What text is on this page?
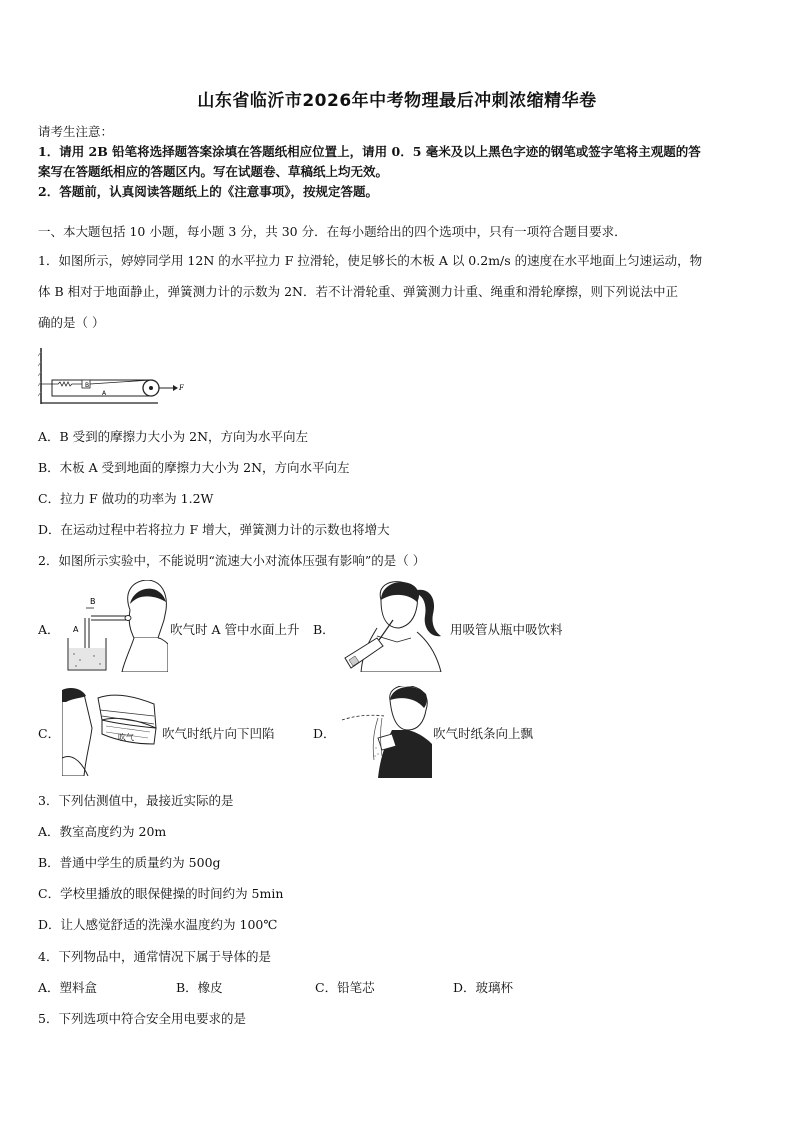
山东省临沂市2026年中考物理最后冲刺浓缩精华卷
请考生注意：
1．请用 2B 铅笔将选择题答案涂填在答题纸相应位置上，请用 0．5 毫米及以上黑色字迹的钢笔或签字笔将主观题的答
案写在答题纸相应的答题区内。写在试题卷、草稿纸上均无效。
2．答题前，认真阅读答题纸上的《注意事项》，按规定答题。
一、本大题包括 10 小题，每小题 3 分，共 30 分．在每小题给出的四个选项中，只有一项符合题目要求．
1．如图所示，婷婷同学用 12N 的水平拉力 F 拉滑轮，使足够长的木板 A 以 0.2m/s 的速度在水平地面上匀速运动，物
体 B 相对于地面静止，弹簧测力计的示数为 2N．若不计滑轮重、弹簧测力计重、绳重和滑轮摩擦，则下列说法中正
确的是（ ）
B
A
F
A．B 受到的摩擦力大小为 2N，方向为水平向左
B．木板 A 受到地面的摩擦力大小为 2N，方向水平向左
C．拉力 F 做功的功率为 1.2W
D．在运动过程中若将拉力 F 增大，弹簧测力计的示数也将增大
2．如图所示实验中，不能说明“流速大小对流体压强有影响”的是（ ）
A．
B
A	吹气时 A 管中水面上升 B．	用吸管从瓶中吸饮料
C．	吹气 吹气时纸片向下凹陷	D．	吹气时纸条向上飘
3．下列估测值中，最接近实际的是
A．教室高度约为 20m
B．普通中学生的质量约为 500g
C．学校里播放的眼保健操的时间约为 5min
D．让人感觉舒适的洗澡水温度约为 100℃
4．下列物品中，通常情况下属于导体的是
A．塑料盒	B．橡皮	C．铅笔芯	D．玻璃杯
5．下列选项中符合安全用电要求的是
